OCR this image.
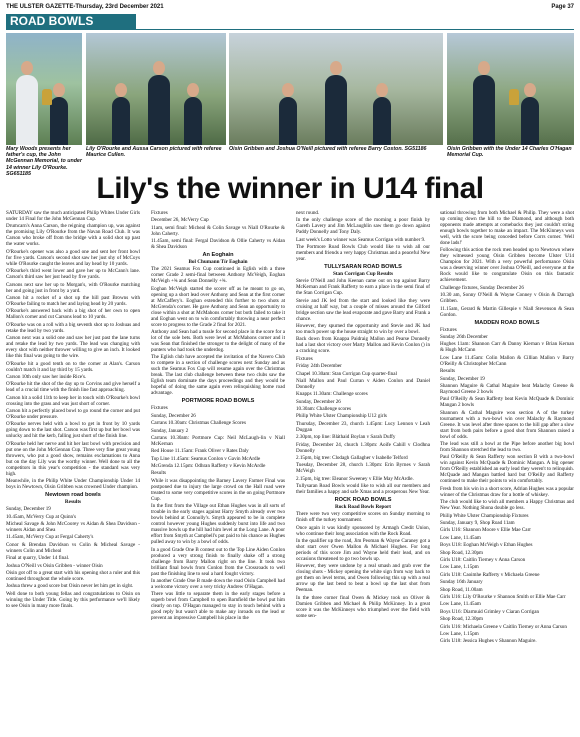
THE ULSTER GAZETTE-Thursday, 23rd December 2021	Page 37
ROAD BOWLS
Mary Woods presents her father's cup, the John McGennan Memorial, to under 14 winner Lily O'Rourke. SG651185
Lily O'Rourke and Aussa Carson pictured with referee Maurice Cullen.
Oisin Gribben and Joshua O'Neill pictured with referee Barry Coston. SG51186	Oisin Gribben with the Under 14 Charles O'Hagan Memorial Cup.
Lily's the winner in U14 final

SATURDAY saw the much anticipated Philip Whites Under Girls under 14 Final for the John McGennan Cup.

Drumcarn's Anna Carson, the reigning champion up, was against the promising Lily O'Rourke from the Navan Road Club. It was Carson who broke off from the bridge with a solid shot up past the water works.

O'Rourke's opener was also a good one and sent her front bowl for five yards. Carson's second shot saw her just shy of McCoys while O'Rourke caught the leaves and lay head by 10 yards.

O'Rourke's third went lower and gave her up to McCann's lane. Carson's third saw her just head by five yards.

Carsons next saw her up to Morgan's, with O'Rourke matching her and going just in front by a yard.

Carson hit a rocket of a shot up the hill past Browns with O'Rourke failing to match her and laying head by 20 yards.

O'Rourke's answered back with a big shot of her own to open Mallon's corner and cut Carsons lead to 10 yards.

O'Rourke was on a roll with a big seventh shot up to Joshuas and retake the lead by two yards.

Carson next was a solid one and saw her just past the lane turns and retake the lead by two yards. The lead was changing with every shot with neither thrower willing to give an inch. It looked like this final was going to the wire.

O'Rourke hit a good tenth on to the corner at Alan's. Carson couldn't match it and lay third by 15 yards.

Carson 10th only saw her inside Rice's.

O'Rourke hit the shot of the day up to Corvins and give herself a lead of a crucial time with the finish line fast approaching.

Carson hit a solid 11th to keep her in touch with O'Rourke's bowl crossing into the grass and was just short of corner.

Carson hit a perfectly placed bowl to go round the corner and put O'Rourke under pressure.

O'Rourke nerves held with a bowl to get in front by 10 yards going down to the last shot. Carson was first up but her bowl was unlucky and hit the kerb, falling just short of the finish line.

O'Rourke held her nerve and hit her last bowl with precision and put one on the John McGennan Cup. Three very fine great young throwers, who put a good show, remains exclamations to Anna but on the day Lily was the worthy winner. Well done to all the competitors in this year's competition - the standard was very high.

Meanwhile, in the Philip White Under Championship Under 14 boys in Newtown, Oisin Gribben was crowned Under champion.

Newtown road bowls
Results

Sunday, December 19

10.45am, McVerry Cup at Quinn's

Micheal Savage & John McCoorey vs Aidan & Shea Davidson - winners Aidan and Shea

11.45am, McVerry Cup at Fergal Caherty's

Conor & Brendan Davidson vs Colin & Micheal Savage - winners Colin and Micheal

Final at quarry, Under 14 final.

Joshua O'Neill vs Oisin Gribben - winner Oisin

Oisin got off to a great start with his opening shot a ruler and this continued throughout the whole score.

Joshua threw a good score but Oisin never let him get in sight.

Well done to both young fellas and congratulations to Oisin on winning the Under Title. Going by this performance we'll likely to see Oisin in many more finals.

Fixtures

December 26, McVerry Cup

11am, semi final: Micheal & Colin Savage vs Niall O'Rourke & John Caherty.

11.45am, semi final: Fergal Davidson & Ollie Caherty vs Aidan & Shea Davidson

An Eoghain
Bol Chumann Tír Eoghain

The 2021 Seamus Fox Cup continued in Eglish with a three corner Grade 2 semi-final between Anthony McVeigh, Eoghan McVeigh +¾ and Sean Donnelly +¾.

Eoghan McVeigh started the scorer off as he meant to go on, opening up a short lead over Anthony and Sean at the first corner at McCaffery's. Eoghan extended this further to two shots at McGrenda's corner. He gave Anthony and Sean an opportunity to close within a shot at McMahons corner but both failed to take it and Eoghan went on to win comfortably throwing a near perfect score to progress to the Grade 2 final for 2021.

Anthony and Sean had a tussle for second place in the score for a lot of the sole bets. Both were level at McMahons corner and it was Sean that finished the stronger to the delight of many of the punters who had took the underdog.

The Eglish club have accepted the invitation of the Navero Club to compete in a section of challenge scores next Sunday and as such the Seamus Fox Cup will resume again over the Christmas break. The last club challenge between these two clubs saw the Eglish team dominate the days proceedings and they would be hopeful of doing the same again even relinquishing home road advantage.

PORTMORE ROAD BOWLS

Fixtures

Sunday, December 26

Carrans 10.30am: Christmas Challenge Scores

Sunday, January 2

Carrans 10.30am: Portmore Cup: Neil McLaugh-lin v Niall McKernan

Red House 11.15am: Frank Oliver v Rates Daly

Top Line 11.45am: Seamus Conlon v Gavin McArdle

McGrenda 12.15pm: Odhran Rafferty v Kevin McArdle

Results

While it was disappointing the Barney Lavery Farmer Final was postponed due to injury the large crowd on the Hall road were treated to some very competitive scores in the on going Portmore Cup.

In the first from the Village out Ethan Hughes was in all sorts of trouble in the early stages against Harry Smyth already over two bowls behind at Connolly's. Smyth appeared to be in complete control however young Hughes suddenly burst into life and two massive bowls up the hill had him level at the Long Lane. A poor effort from Smyth at Campbell's put paid to his chance as Hughes pulled away to win by a bowl of odds.

In a good Grade One B contest out to the Top Line Aiden Conlon produced a very strong finish to finally shake off a strong challenge from Barry Mallon right on the line. It took two brilliant final bowls from Conlon from the Crossroads to well past the finishing line to seal a hard fought victory.

In another Grade One B made down the road Oisin Campbell had a welcome victory over a very tricky Andrew O'Hagan.

There was little to separate them in the early stages before a superb bowl from Campbell to open Barnfield the bowl put him clearly on top. O'Hagan managed to stay in touch behind with a good reply but wasn't able to make any inroads on the lead or prevent an impressive Campbell his place in the

next round.

In the only challenge score of the morning a poor finish by Gareth Lavery and Jim McLaughlin saw them go down against Paddy Donnelly and Tony Daly.

Last week's Lotto winner was Seamus Corrigan with number 9.

The Portmore Road Bowls Club would like to wish all our members and friends a very happy Christmas and a peaceful New year.

TULLYSARAN ROAD BOWLS
Stan Corrigan Cup Results

Stevie O'Neill and John Keenan came out on top against Barry McKernan and Frank Rafferty to earn a place in the semi final of the Stan Corrigan Cup.

Stevie and JK led from the start and looked like they were cruising at half way, but a couple of misses around the Gilford bridge section saw the lead evaporate and gave Barry and Frank a chance.

However, they spurned the opportunity and Stevie and JK had too much power up the house straight to win by over a bowl.

Back down from Knappa Paidraig Mallon and Pearse Donnelly had a last shot victory over Marty Mallon and Kevin Conlon () in a cracking score.

Fixtures

Friday 24th December

Chapel 10.30am: Stan Corrigan Cup quarter-final

Niall Mallon and Paul Curran v Aiden Conlon and Daniel Donnelly

Knapps 11.30am: Challenge scores

Sunday, December 26

10.30am: Challenge scores

Philip White Ulster Championship U12 girls

Thursday, December 23, church 1.45pm: Lucy Lennon v Leah Duggan

2.30pm, top line: Bláthaid Boylan v Sarah Duffy

Friday, December 24, church 1.30pm: Aoife Cahill v Clodhna Donnelly

2.15pm, big tree: Clodagh Gallagher v Isabelle Telford

Tuesday, December 28, church 1.30pm: Erin Byrnes v Sarah McVeigh

2.15pm, big tree: Eleanor Sweeney v Ellie May McArdle.

Tullysaran Road Bowls would like to wish all our members and their families a happy and safe Xmas and a prosperous New Year.

ROCK ROAD BOWLS
Rock Road Bowls Report

There were two very competitive scores on Sunday morning to finish off the turkey tournament.

Once again it was kindly sponsored by Armagh Credit Union, who continue their long association with the Rock Road.

In the qualifier up the road, Jim Peoman & Wayne Caraney got a shot start over Owen Mallon & Michael Hughes. For long periods of this score Jim and Wayne held their lead, and on occasions threatened to go two bowls up.

However, they were undone by a real smash and grab over the closing shots - Mickey opening the white sign from way back to get them on level terms, and Owen following this up with a real arrow up the last bend to beat a bowl up the last shot from Peeman.

In the three corner final Owen & Mickey took on Oliver & Damien Gribben and Michael & Philip McKinney. In a great score it was the McKinneys who triumphed over the field with some sen-

sational throwing from both Michael & Philip. They were a shot up coming down the hill to the Diamond, and although both opponents made attempts at comebacks they just couldn't string enough bowls together to make an impact. The McKinneys won well, with the score being conceded before Corrs corner. 'Well done lads!'

Following this action the rock men headed up to Newtown where they witnessed young Oisin Gribben become Ulster U14 Champion for 2021. With a very powerful performance Oisin was a deserving winner over Joshua O'Neill, and everyone at the Rock would like to congratulate Oisin on this fantastic achievement.

Challenge fixtures, Sunday December 26

10.30 am, Sonny O'Neill & Wayne Conney v Oisin & Darragh Gribben.

11.15am, Gerard & Martin Gillespie v Niall Stevenson & Sean Gordon.

MADDEN ROAD BOWLS

Fixtures

Sunday 26th December

Hughes 11am: Shannon Carr & Danny Kiernan v Brian Kernan & Hugh McCann

Low Lane 11.45am: Colin Mallon & Cillian Mallon v Barry O'Reilly & Christopher McCann

Results

Sunday, December 19

Shannon Maguire & Cathal Maguire beat Malachy Greene & Raymond Greene 2 bowls

Paul O'Reilly & Sean Rafferty beat Kevin McQuade & Dominic Mangan 2 bowls

Shannon & Cathal Maguire won section A of the turkey tournament with a two-bowl win over Malachy & Raymond Greene. It was level after three spaces to the hill gap after a slow start from both pairs before a good shot from Shannon raised a bowl of odds.

The lead was still a bowl at the Pipe before another big bowl from Shannon stretched the lead to two.

Paul O'Reilly & Sean Rafferty won section B with a two-bowl win against Kevin McQuade & Dominic Mangan. A big opener from O'Reilly established an early lead they weren't to relinquish. McQuade and Mangan battled hard but O'Reilly and Rafferty continued to make their points to win comfortably.

Fresh from his win in a short score, Adrian Hughes was a popular winner of the Christmas draw for a bottle of whiskey.

The club would like to wish all members a Happy Christmas and New Year. Nothing Shona double go less.

Philip White Ulster Championship Fixtures

Sunday, January 9, Shop Road 11am

Girls U16: Shannon Moore v Ellie Mae Carr

Low Lane, 11.45am

Boys U18: Eoghan McVeigh v Ethan Hughes

Shop Road, 12.30pm

Girls U18: Caitlin Tierney v Anna Carson

Low Lane, 1.15pm

Girls U18: Caoimhe Rafferty v Michaela Greene

Sunday 16th January

Shop Road, 11.00am

Girls U16: Lily O'Rourke v Shannon Smith or Ellie Mae Carr

Low Lane, 11.45am

Boys U16: Diarmuid Grimley v Ciaran Corrigan

Shop Road, 12.30pm

Girls U16: Michaela Greene v Caitlin Tierney or Anna Carson

Low Lane, 1.15pm

Girls U18: Jessica Hughes v Shannon Maguire.
